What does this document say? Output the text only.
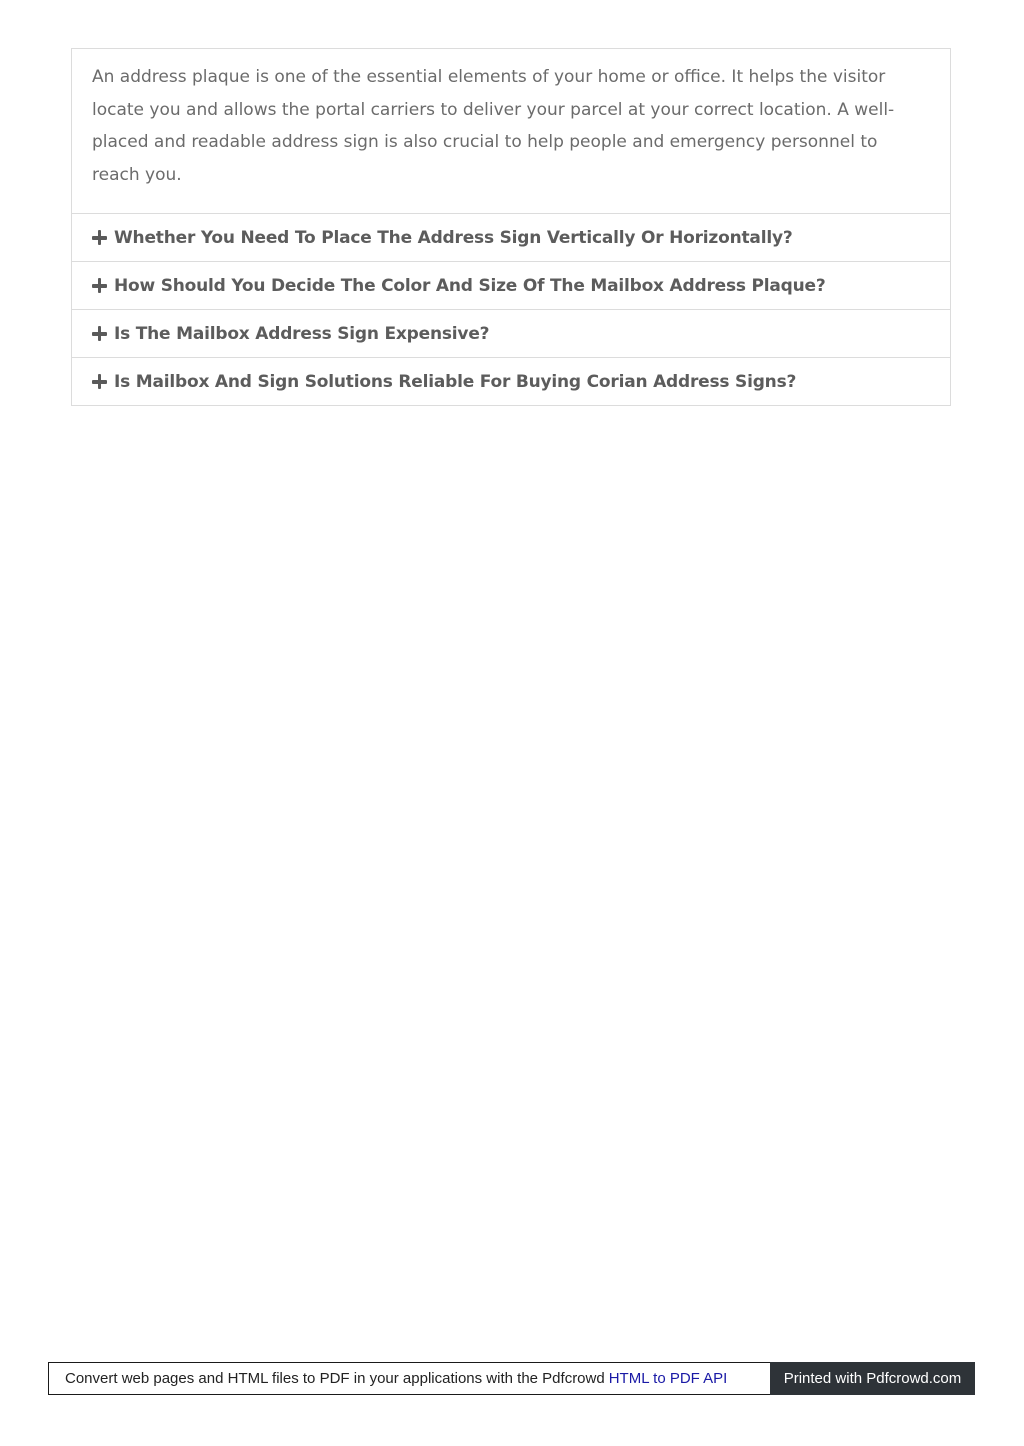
An address plaque is one of the essential elements of your home or office. It helps the visitor locate you and allows the portal carriers to deliver your parcel at your correct location. A well-placed and readable address sign is also crucial to help people and emergency personnel to reach you.
Whether You Need To Place The Address Sign Vertically Or Horizontally?
How Should You Decide The Color And Size Of The Mailbox Address Plaque?
Is The Mailbox Address Sign Expensive?
Is Mailbox And Sign Solutions Reliable For Buying Corian Address Signs?
Convert web pages and HTML files to PDF in your applications with the Pdfcrowd HTML to PDF API	Printed with Pdfcrowd.com
